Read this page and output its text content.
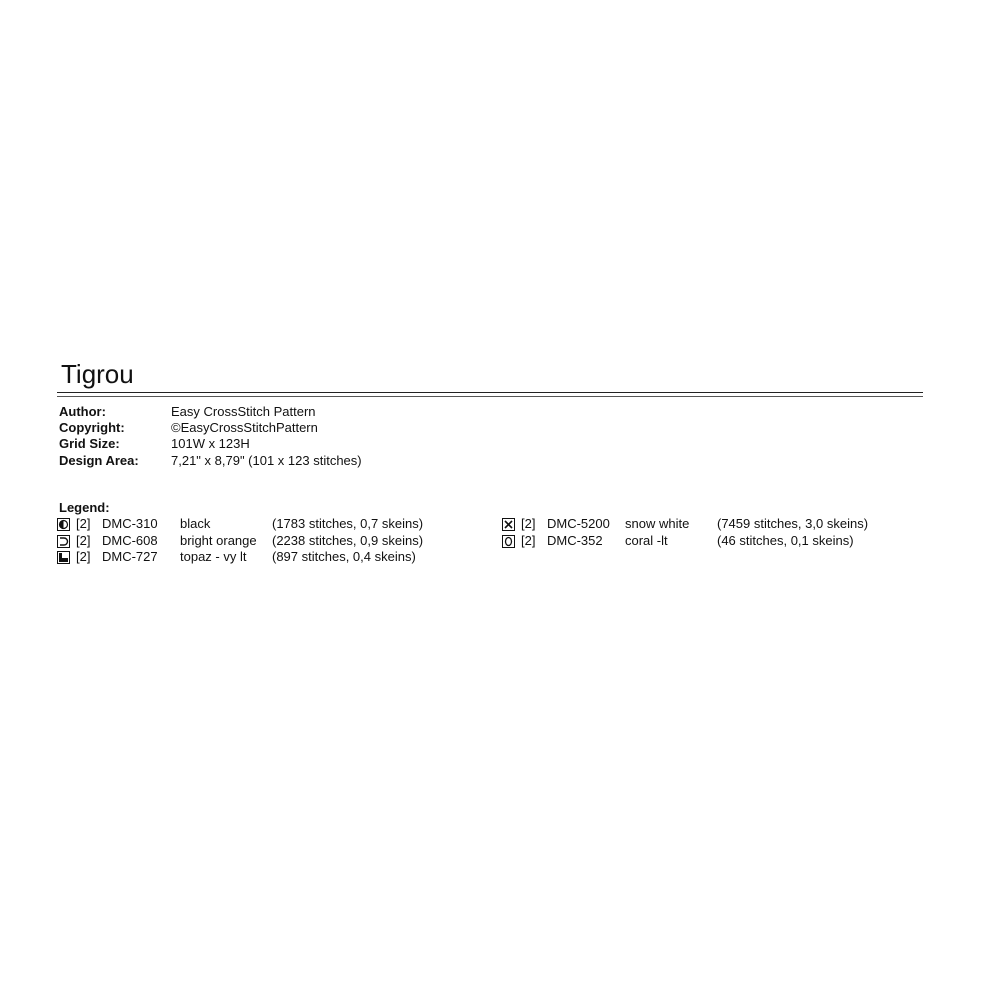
Tigrou
Author:	Easy CrossStitch Pattern
Copyright:	©EasyCrossStitchPattern
Grid Size:	101W x 123H
Design Area: 7,21" x 8,79" (101 x 123 stitches)
Legend:
[2] DMC-310 black	(1783 stitches, 0,7 skeins)
[2] DMC-608 bright orange (2238 stitches, 0,9 skeins)
[2] DMC-727 topaz - vy lt (897 stitches, 0,4 skeins)
[2] DMC-5200 snow white (7459 stitches, 3,0 skeins)
[2] DMC-352 coral -lt	(46 stitches, 0,1 skeins)
